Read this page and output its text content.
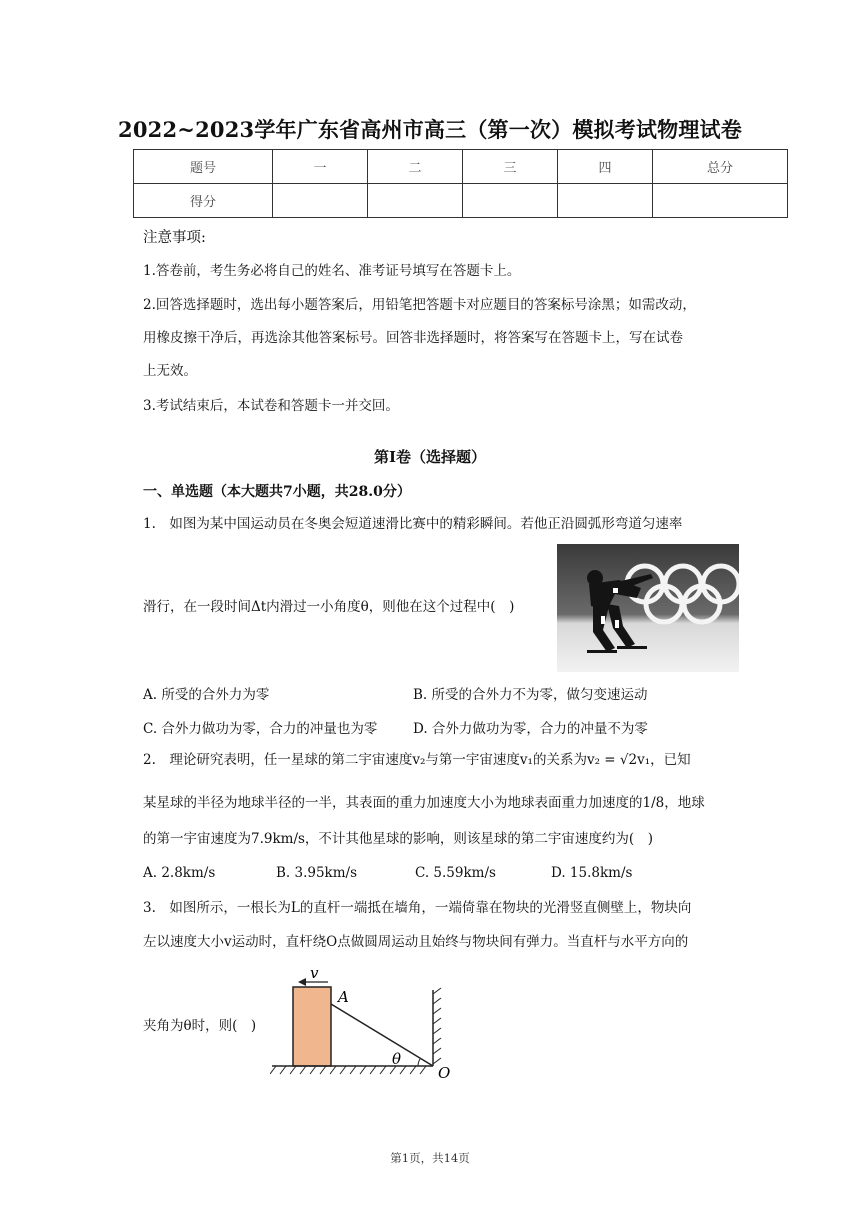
2022~2023学年广东省高州市高三（第一次）模拟考试物理试卷
题号	一	二	三	四	总分
得分					
注意事项:
1.答卷前，考生务必将自己的姓名、准考证号填写在答题卡上。
2.回答选择题时，选出每小题答案后，用铅笔把答题卡对应题目的答案标号涂黑；如需改动，
用橡皮擦干净后，再选涂其他答案标号。回答非选择题时，将答案写在答题卡上，写在试卷
上无效。
3.考试结束后，本试卷和答题卡一并交回。
第I卷（选择题）
一、单选题（本大题共7小题，共28.0分）
1.　如图为某中国运动员在冬奥会短道速滑比赛中的精彩瞬间。若他正沿圆弧形弯道匀速率
滑行，在一段时间Δt内滑过一小角度θ，则他在这个过程中(　)
A. 所受的合外力为零	B. 所受的合外力不为零，做匀变速运动
C. 合外力做功为零，合力的冲量也为零	D. 合外力做功为零，合力的冲量不为零
2.　理论研究表明，任一星球的第二宇宙速度v₂与第一宇宙速度v₁的关系为v₂ = √2v₁，已知
某星球的半径为地球半径的一半，其表面的重力加速度大小为地球表面重力加速度的1/8，地球
的第一宇宙速度为7.9km/s，不计其他星球的影响，则该星球的第二宇宙速度约为(　)
A. 2.8km/s	B. 3.95km/s	C. 5.59km/s	D. 15.8km/s
3.　如图所示，一根长为L的直杆一端抵在墙角，一端倚靠在物块的光滑竖直侧壁上，物块向
左以速度大小v运动时，直杆绕O点做圆周运动且始终与物块间有弹力。当直杆与水平方向的
夹角为θ时，则(　)
v
A
θ
O
第1页，共14页
